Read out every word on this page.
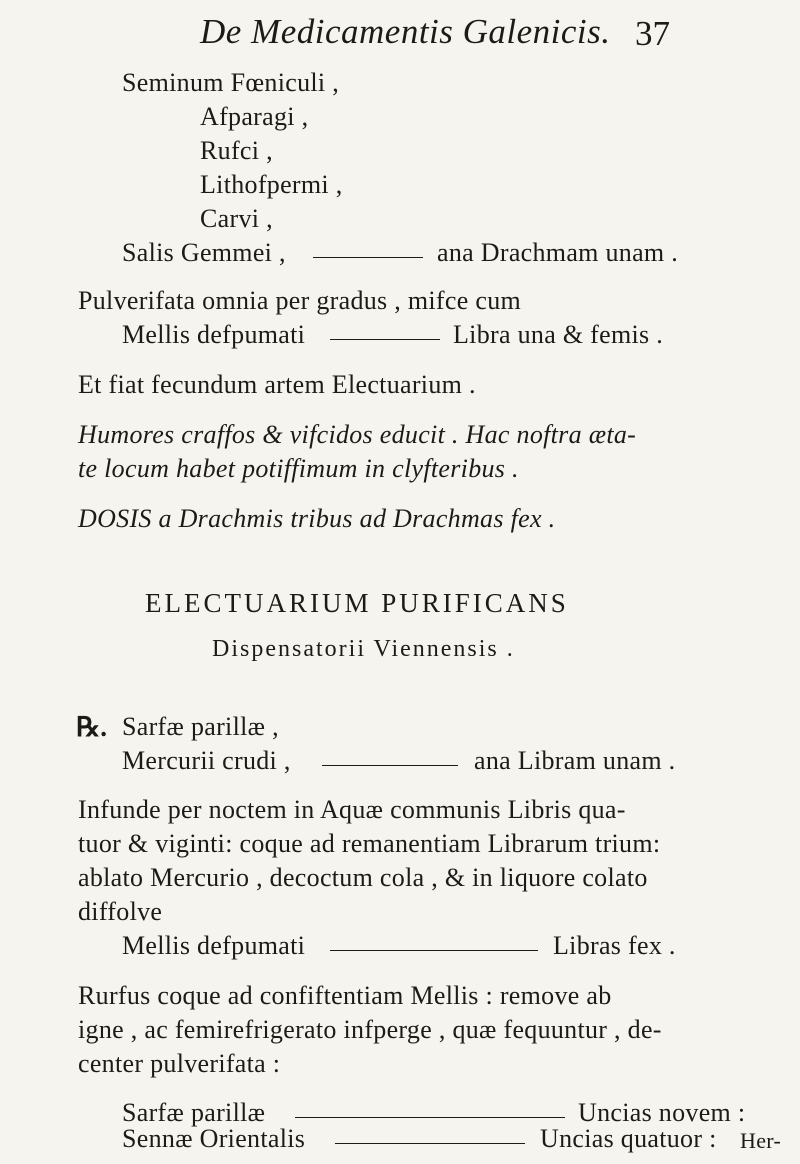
De Medicamentis Galenicis. 37
Seminum Fœniculi ,
Afparagi ,
Rufci ,
Lithofpermi ,
Carvi ,
Salis Gemmei ,	ana Drachmam unam .
Pulverifata omnia per gradus , mifce cum
Mellis defpumati	Libra una & femis .
Et fiat fecundum artem Electuarium .
Humores craffos & vifcidos educit . Hac noftra æta-
te locum habet potiffimum in clyfteribus .
DOSIS a Drachmis tribus ad Drachmas fex .
ELECTUARIUM PURIFICANS
Dispensatorii Viennensis .
℞. Sarfæ parillæ ,
Mercurii crudi ,	ana Libram unam .
Infunde per noctem in Aquæ communis Libris qua-
tuor & viginti: coque ad remanentiam Librarum trium:
ablato Mercurio , decoctum cola , & in liquore colato
diffolve
Mellis defpumati	Libras fex .
Rurfus coque ad confiftentiam Mellis : remove ab
igne , ac femirefrigerato infperge , quæ fequuntur , de-
center pulverifata :
Sarfæ parillæ	Uncias novem :
Sennæ Orientalis	Uncias quatuor : Her-
